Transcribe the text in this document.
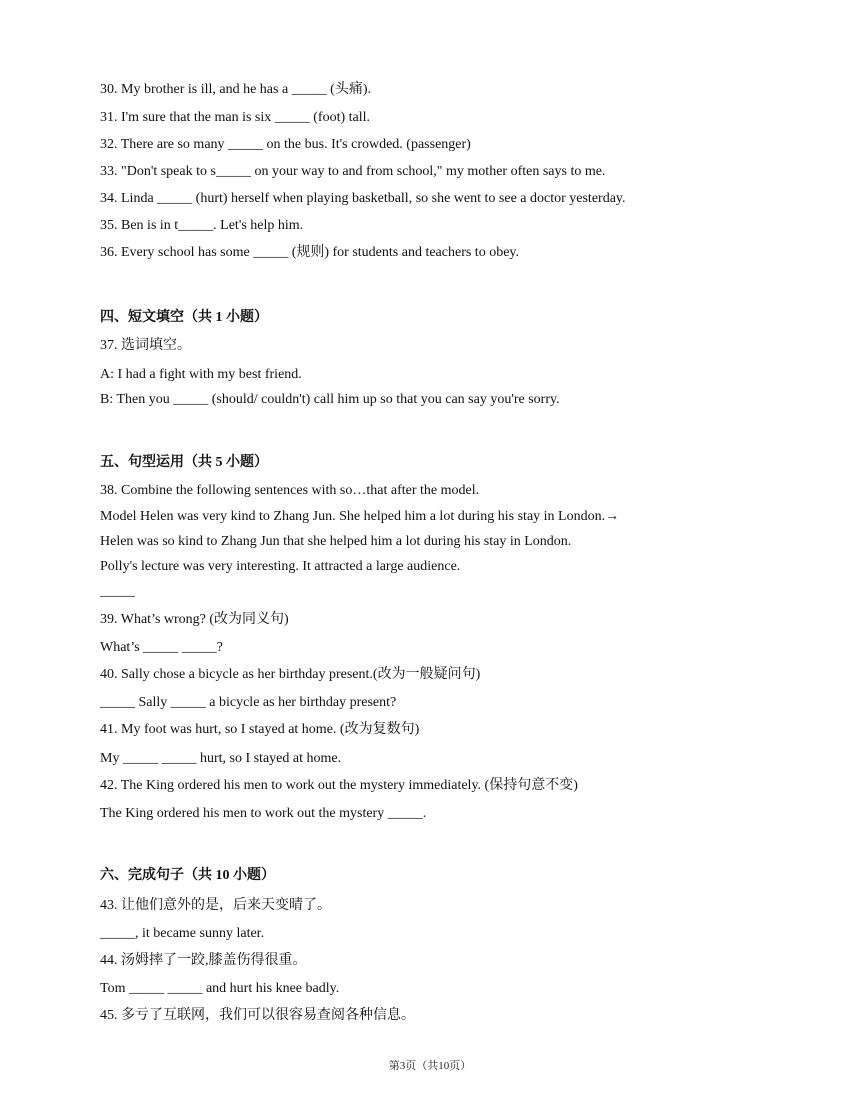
30. My brother is ill, and he has a _____ (头痛).
31. I'm sure that the man is six _____ (foot) tall.
32. There are so many _____ on the bus. It's crowded. (passenger)
33. "Don't speak to s_____ on your way to and from school," my mother often says to me.
34. Linda _____ (hurt) herself when playing basketball, so she went to see a doctor yesterday.
35. Ben is in t_____. Let's help him.
36. Every school has some _____ (规则) for students and teachers to obey.
四、短文填空（共 1 小题）
37. 选词填空。
A: I had a fight with my best friend.
B: Then you _____ (should/ couldn't) call him up so that you can say you're sorry.
五、句型运用（共 5 小题）
38. Combine the following sentences with so…that after the model.
Model Helen was very kind to Zhang Jun. She helped him a lot during his stay in London.→
Helen was so kind to Zhang Jun that she helped him a lot during his stay in London.
Polly's lecture was very interesting. It attracted a large audience.
_____
39. What’s wrong? (改为同义句)
What’s _____ _____?
40. Sally chose a bicycle as her birthday present.(改为一般疑问句)
_____ Sally _____ a bicycle as her birthday present?
41. My foot was hurt, so I stayed at home. (改为复数句)
My _____ _____ hurt, so I stayed at home.
42. The King ordered his men to work out the mystery immediately. (保持句意不变)
The King ordered his men to work out the mystery _____.
六、完成句子（共 10 小题）
43. 让他们意外的是，后来天变晴了。
_____, it became sunny later.
44. 汤姆摔了一跤,膝盖伤得很重。
Tom _____ _____ and hurt his knee badly.
45. 多亏了互联网，我们可以很容易查阅各种信息。
第3页（共10页）
